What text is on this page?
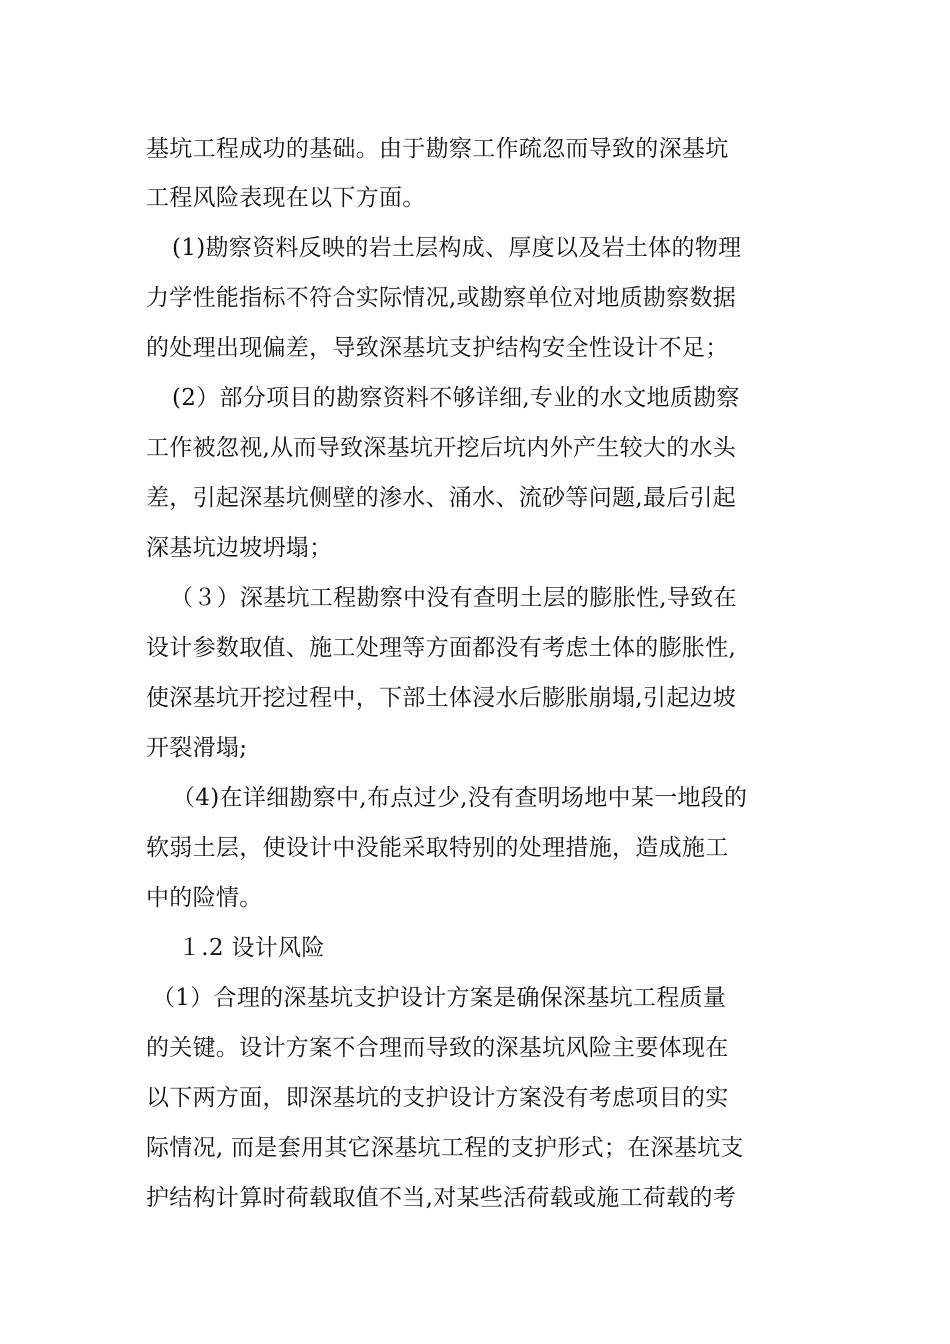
基坑工程成功的基础。由于勘察工作疏忽而导致的深基坑
工程风险表现在以下方面。
(1)勘察资料反映的岩土层构成、厚度以及岩土体的物理
力学性能指标不符合实际情况,或勘察单位对地质勘察数据
的处理出现偏差，导致深基坑支护结构安全性设计不足；
(2）部分项目的勘察资料不够详细,专业的水文地质勘察
工作被忽视,从而导致深基坑开挖后坑内外产生较大的水头
差，引起深基坑侧壁的渗水、涌水、流砂等问题,最后引起
深基坑边坡坍塌；
（３）深基坑工程勘察中没有查明土层的膨胀性,导致在
设计参数取值、施工处理等方面都没有考虑土体的膨胀性,
使深基坑开挖过程中，下部土体浸水后膨胀崩塌,引起边坡
开裂滑塌;
（4)在详细勘察中,布点过少,没有查明场地中某一地段的
软弱土层，使设计中没能采取特别的处理措施，造成施工
中的险情。
１.2 设计风险
（1）合理的深基坑支护设计方案是确保深基坑工程质量
的关键。设计方案不合理而导致的深基坑风险主要体现在
以下两方面，即深基坑的支护设计方案没有考虑项目的实
际情况, 而是套用其它深基坑工程的支护形式；在深基坑支
护结构计算时荷载取值不当,对某些活荷载或施工荷载的考
